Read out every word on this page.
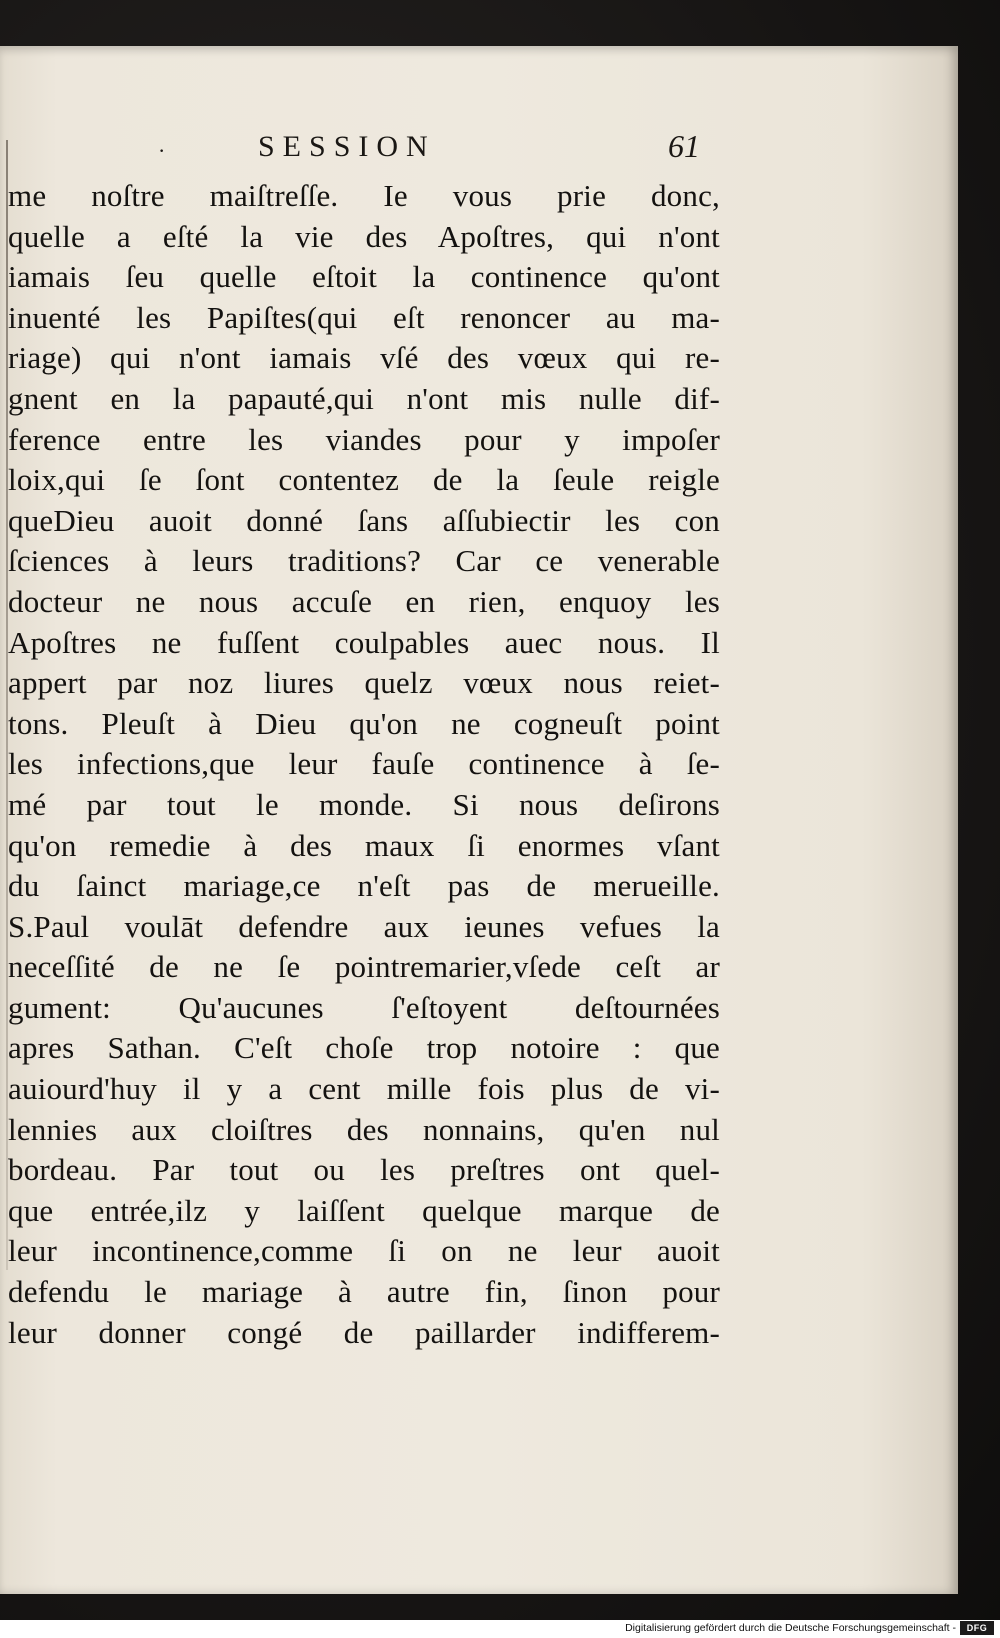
·	SESSION	61
me noſtre maiſtreſſe. Ie vous prie donc,
quelle a eſté la vie des Apoſtres, qui n'ont
iamais ſeu quelle eſtoit la continence qu'ont
inuenté les Papiſtes(qui eſt renoncer au ma-
riage) qui n'ont iamais vſé des vœux qui re-
gnent en la papauté,qui n'ont mis nulle dif-
ference entre les viandes pour y impoſer
loix,qui ſe ſont contentez de la ſeule reigle
queDieu auoit donné ſans aſſubiectir les con
ſciences à leurs traditions? Car ce venerable
docteur ne nous accuſe en rien, enquoy les
Apoſtres ne fuſſent coulpables auec nous. Il
appert par noz liures quelz vœux nous reiet-
tons. Pleuſt à Dieu qu'on ne cogneuſt point
les infections,que leur fauſe continence à ſe-
mé par tout le monde. Si nous deſirons
qu'on remedie à des maux ſi enormes vſant
du ſainct mariage,ce n'eſt pas de merueille.
S.Paul voulāt defendre aux ieunes vefues la
neceſſité de ne ſe pointremarier,vſede ceſt ar
gument: Qu'aucunes ſ'eſtoyent deſtournées
apres Sathan. C'eſt choſe trop notoire : que
auiourd'huy il y a cent mille fois plus de vi-
lennies aux cloiſtres des nonnains, qu'en nul
bordeau. Par tout ou les preſtres ont quel-
que entrée,ilz y laiſſent quelque marque de
leur incontinence,comme ſi on ne leur auoit
defendu le mariage à autre fin, ſinon pour
leur donner congé de paillarder indifferem-
Digitalisierung gefördert durch die Deutsche Forschungsgemeinschaft -	DFG
